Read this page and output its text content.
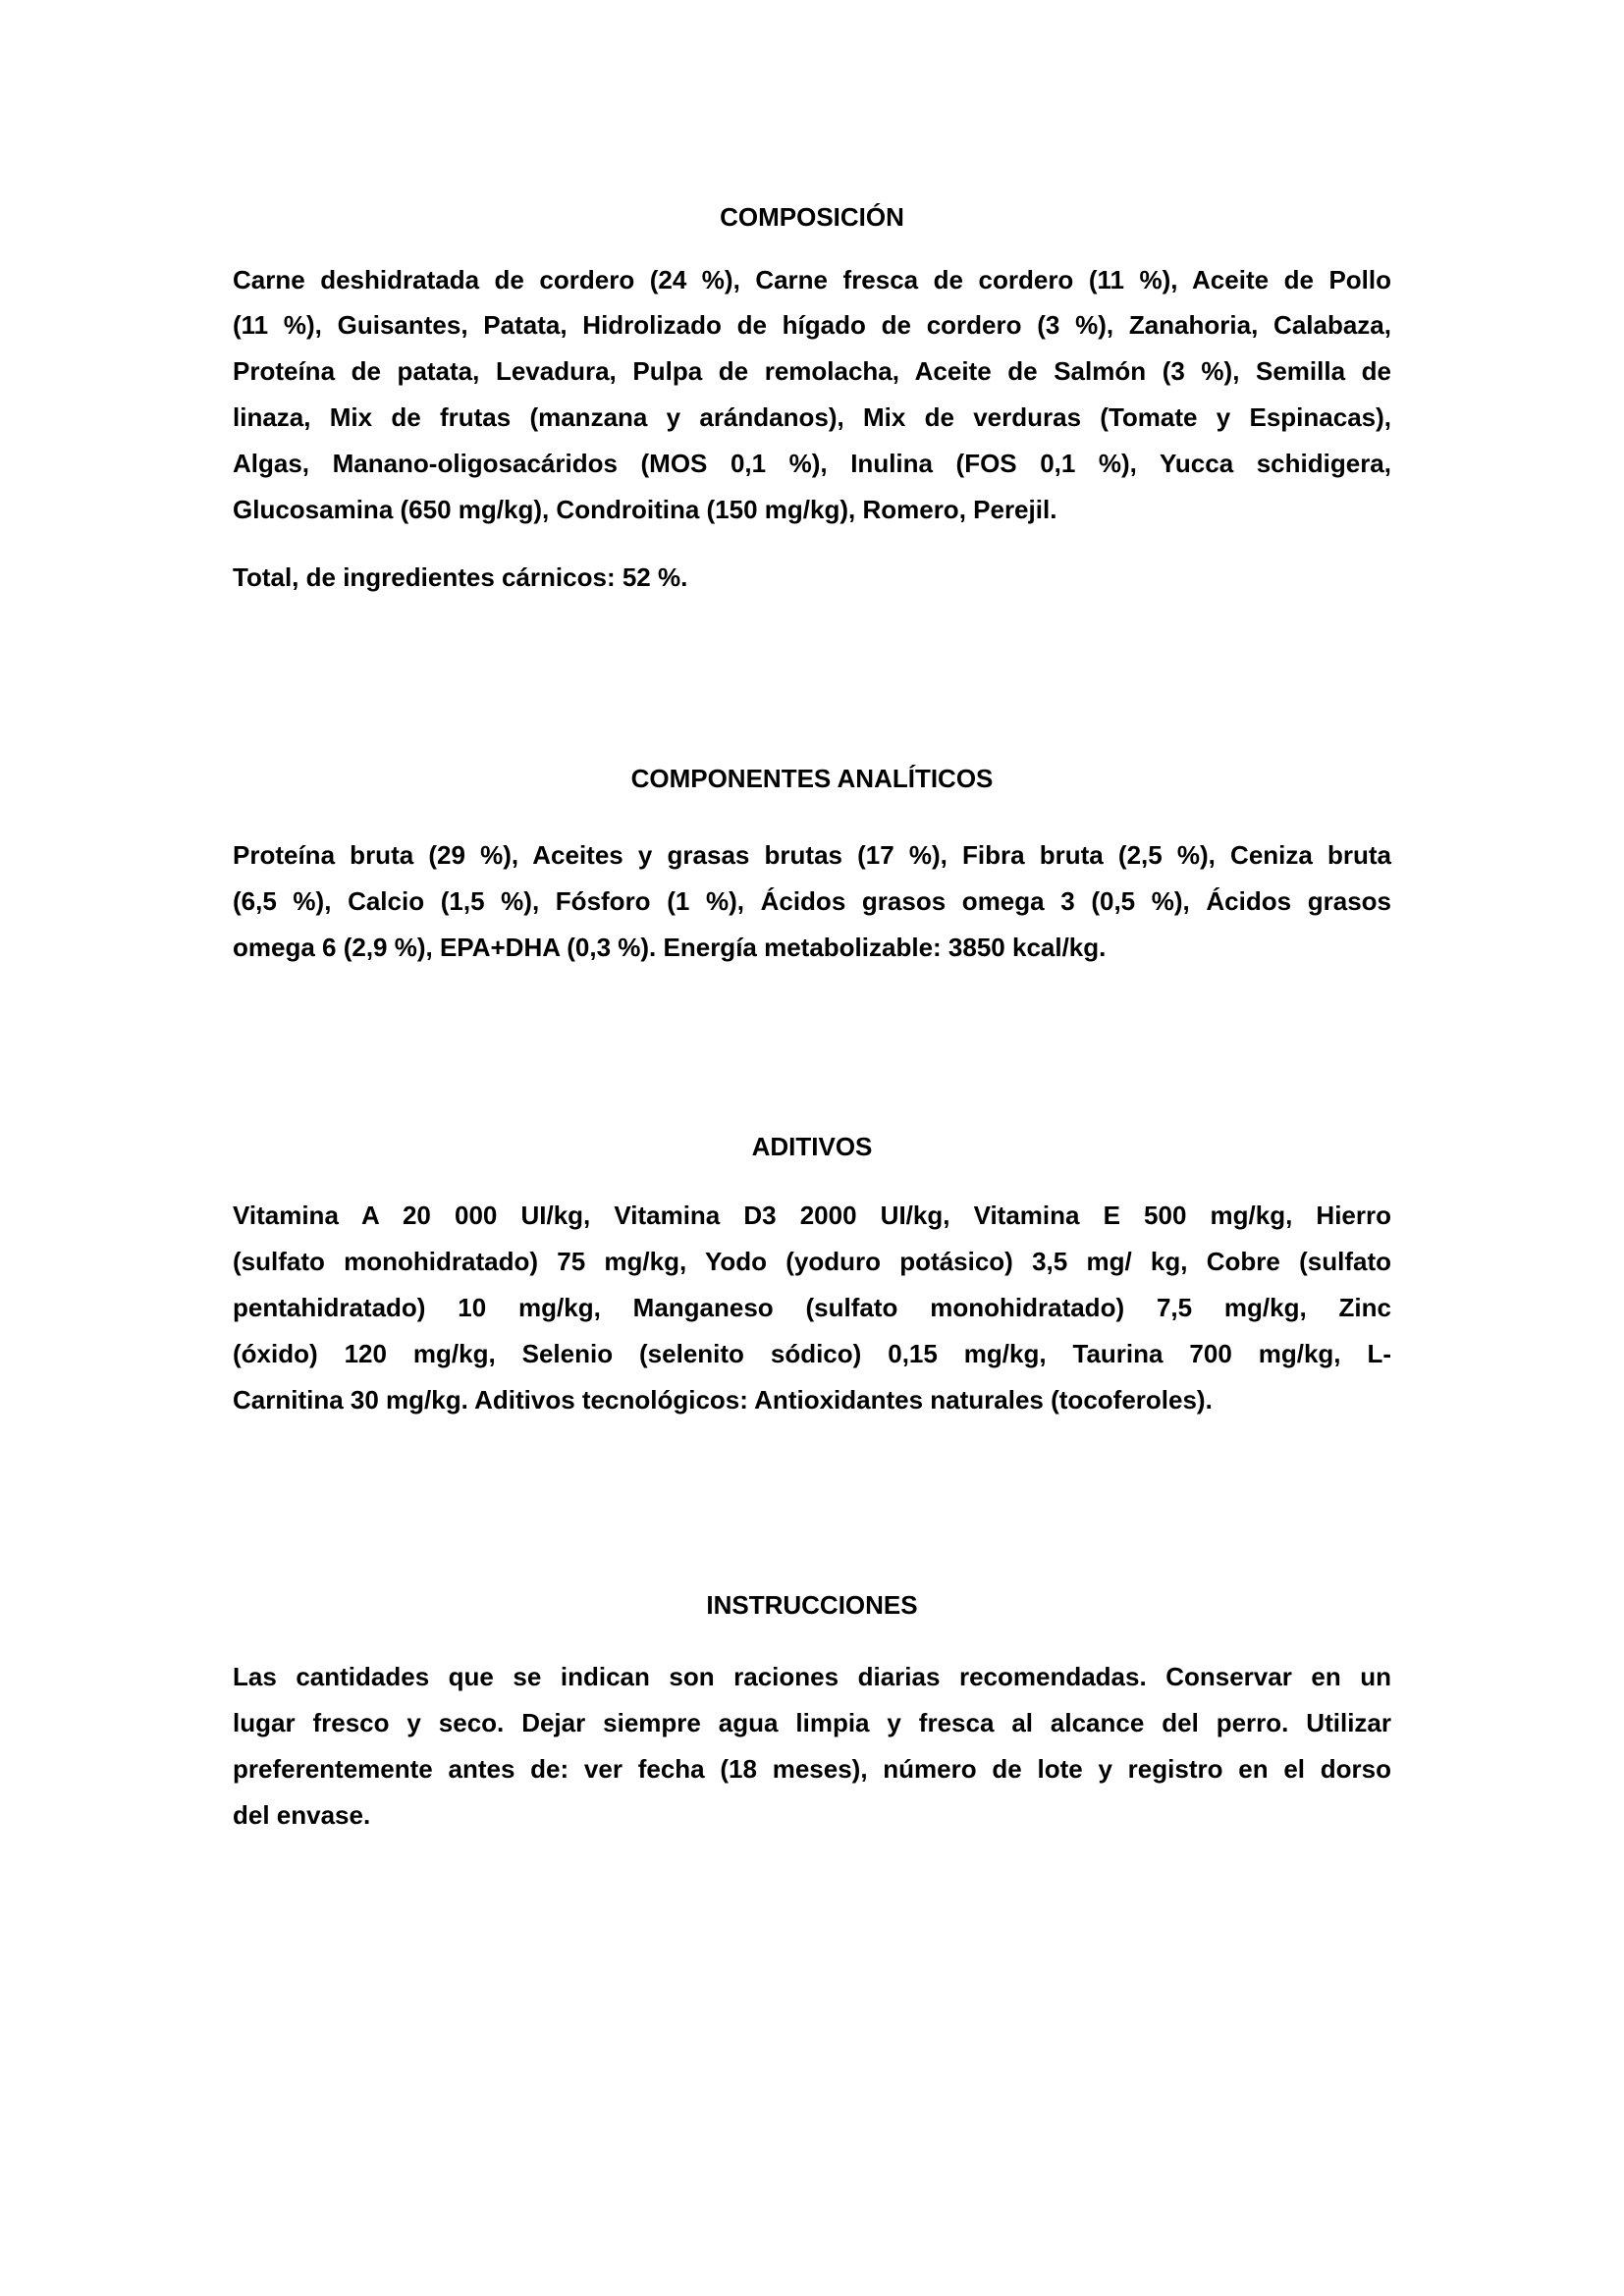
COMPOSICIÓN
Carne deshidratada de cordero (24 %), Carne fresca de cordero (11 %), Aceite de Pollo
(11 %), Guisantes, Patata, Hidrolizado de hígado de cordero (3 %), Zanahoria, Calabaza,
Proteína de patata, Levadura, Pulpa de remolacha, Aceite de Salmón (3 %), Semilla de
linaza, Mix de frutas (manzana y arándanos), Mix de verduras (Tomate y Espinacas),
Algas, Manano-oligosacáridos (MOS 0,1 %), Inulina (FOS 0,1 %), Yucca schidigera,
Glucosamina (650 mg/kg), Condroitina (150 mg/kg), Romero, Perejil.
Total, de ingredientes cárnicos: 52 %.
COMPONENTES ANALÍTICOS
Proteína bruta (29 %), Aceites y grasas brutas (17 %), Fibra bruta (2,5 %), Ceniza bruta
(6,5 %), Calcio (1,5 %), Fósforo (1 %), Ácidos grasos omega 3 (0,5 %), Ácidos grasos
omega 6 (2,9 %), EPA+DHA (0,3 %). Energía metabolizable: 3850 kcal/kg.
ADITIVOS
Vitamina A 20 000 UI/kg, Vitamina D3 2000 UI/kg, Vitamina E 500 mg/kg, Hierro
(sulfato monohidratado) 75 mg/kg, Yodo (yoduro potásico) 3,5 mg/ kg, Cobre (sulfato
pentahidratado) 10 mg/kg, Manganeso (sulfato monohidratado) 7,5 mg/kg, Zinc
(óxido) 120 mg/kg, Selenio (selenito sódico) 0,15 mg/kg, Taurina 700 mg/kg, L-
Carnitina 30 mg/kg. Aditivos tecnológicos: Antioxidantes naturales (tocoferoles).
INSTRUCCIONES
Las cantidades que se indican son raciones diarias recomendadas. Conservar en un
lugar fresco y seco. Dejar siempre agua limpia y fresca al alcance del perro. Utilizar
preferentemente antes de: ver fecha (18 meses), número de lote y registro en el dorso
del envase.
